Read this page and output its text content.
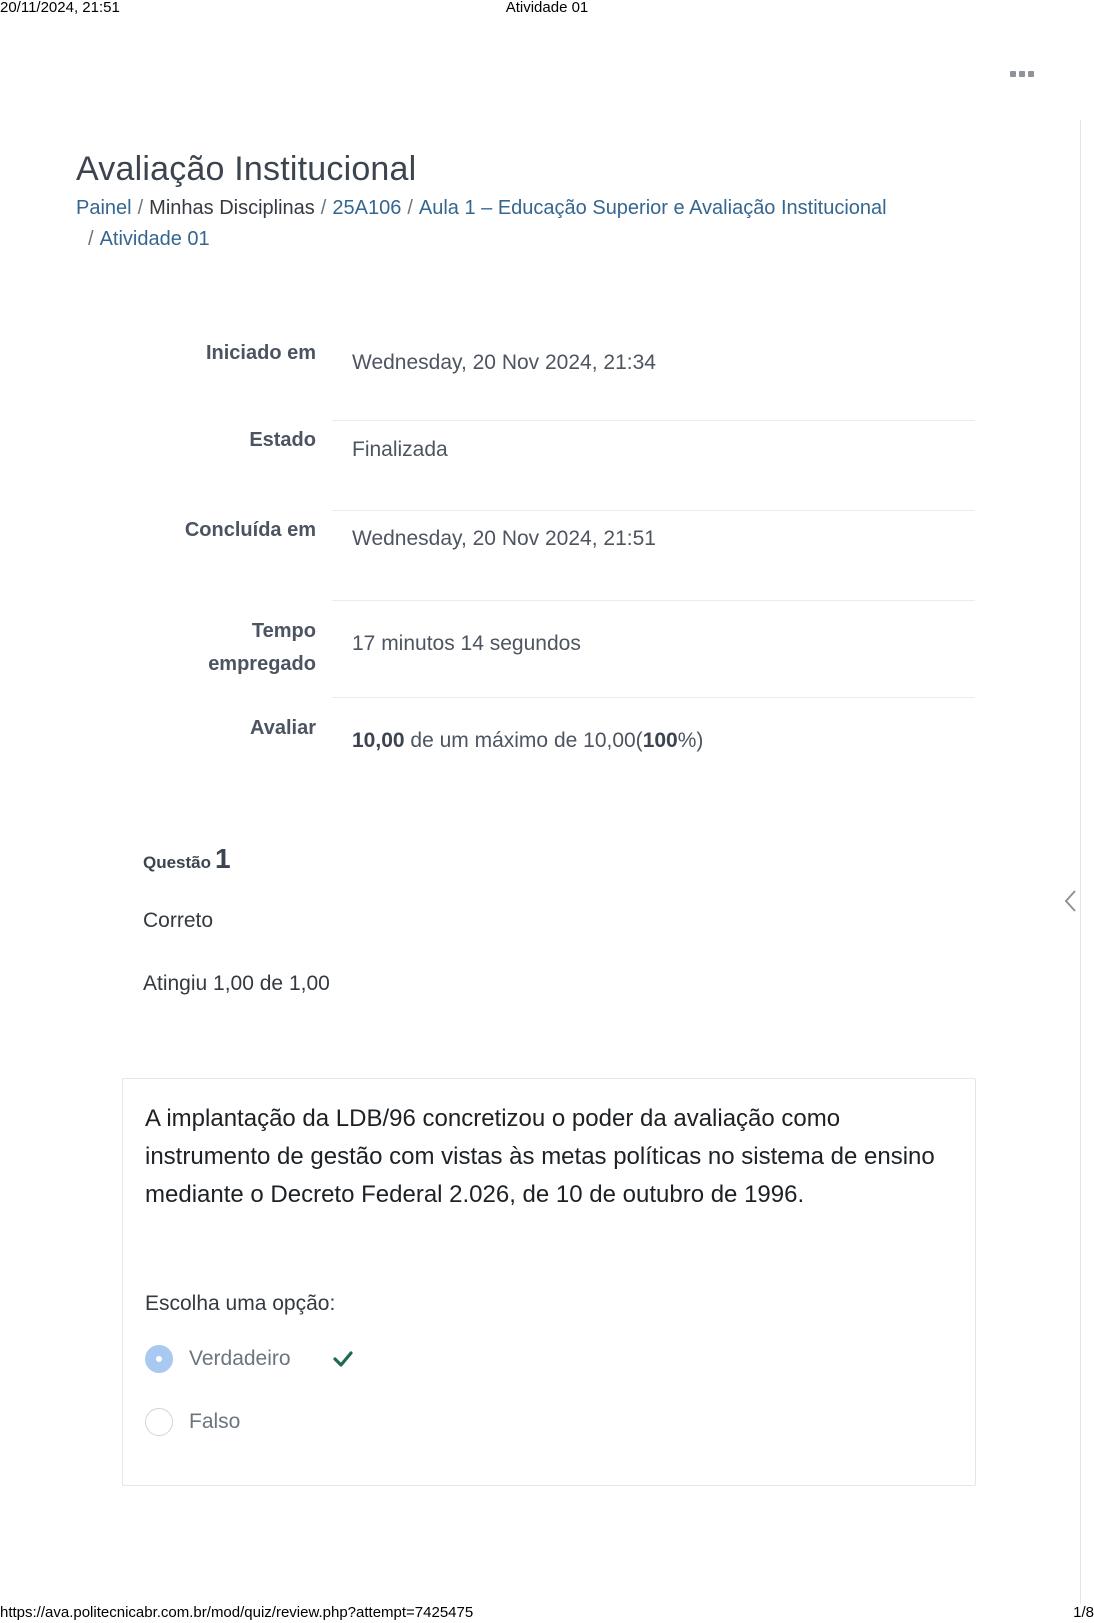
20/11/2024, 21:51	Atividade 01
Avaliação Institucional
Painel / Minhas Disciplinas / 25A106 / Aula 1 – Educação Superior e Avaliação Institucional
/ Atividade 01
Iniciado em Wednesday, 20 Nov 2024, 21:34
Estado Finalizada
Concluída em Wednesday, 20 Nov 2024, 21:51
Tempo
empregado
17 minutos 14 segundos
Avaliar
10,00 de um máximo de 10,00(100%)
Questão 1
Correto
Atingiu 1,00 de 1,00

A implantação da LDB/96 concretizou o poder da avaliação como instrumento de gestão com vistas às metas políticas no sistema de ensino mediante o Decreto Federal 2.026, de 10 de outubro de 1996.

Escolha uma opção:
Verdadeiro
Falso
https://ava.politecnicabr.com.br/mod/quiz/review.php?attempt=7425475	1/8
